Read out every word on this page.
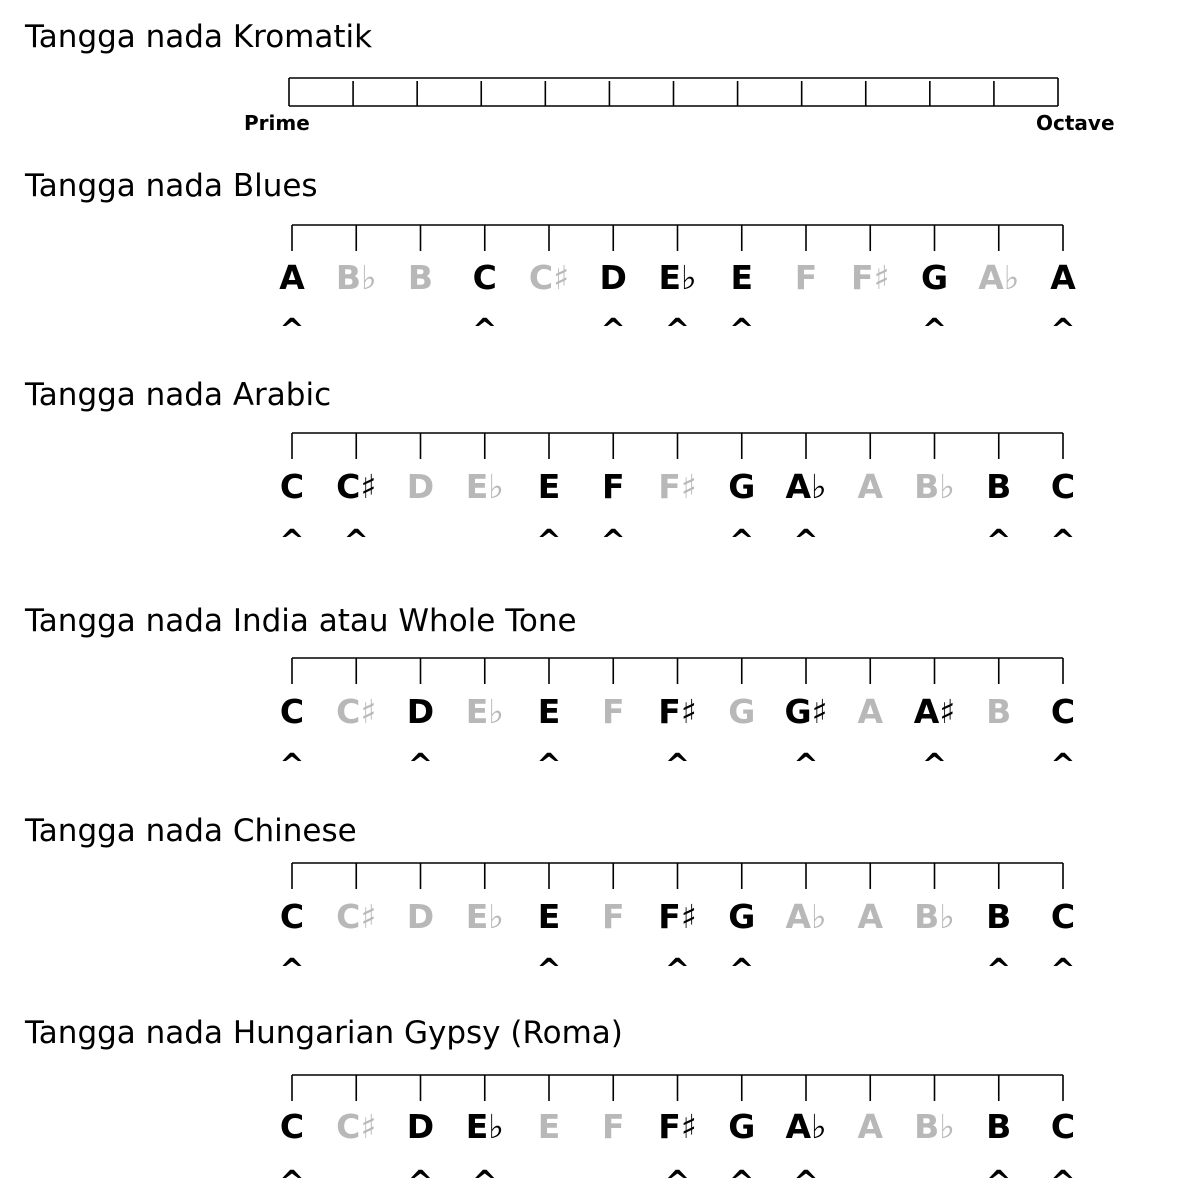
Tangga nada Kromatik
A
^
B♭ B C
^
C♯ D
^
E♭
^
E
^
F F♯ G
^
A♭ A
^
C
^
C♯
^
D E♭ E
^
F
^
F♯ G
^
A♭
^
A B♭ B
^
C
^
C
^
C♯ D
^
E♭ E
^
F F♯
^
G G♯
^
A A♯
^
B C
^
C
^
C♯ D E♭ E
^
F F♯
^
G
^
A♭ A B♭ B
^
C
^
C
^
C♯ D
^
E♭
^
E F F♯
^
G
^
A♭
^
A B♭ B
^
C
^
Prime	Octave
Tangga nada Blues
Tangga nada Arabic
Tangga nada India atau Whole Tone
Tangga nada Chinese
Tangga nada Hungarian Gypsy (Roma)
